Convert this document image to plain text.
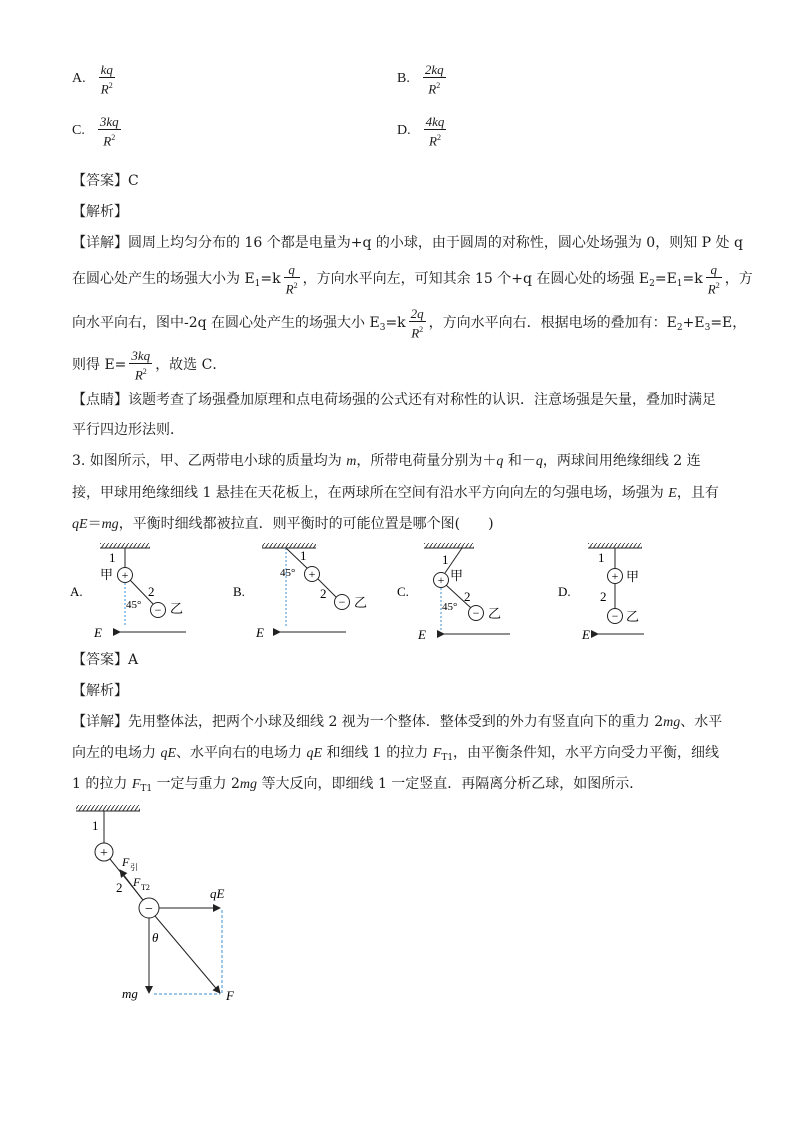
A. $\frac{kq}{R^2}$	B. $\frac{2kq}{R^2}$
C. $\frac{3kq}{R^2}$	D. $\frac{4kq}{R^2}$
【答案】C
【解析】
【详解】圆周上均匀分布的 16 个都是电量为+q 的小球，由于圆周的对称性，圆心处场强为 0，则知 P 处 q
在圆心处产生的场强大小为 $E_1=k \frac{q}{R^2}$ ，方向水平向左，可知其余 15 个+q 在圆心处的场强 $E_2=E_1=k \frac{q}{R^2}$ ，方
向水平向右，图中-2q 在圆心处产生的场强大小 $E_3=k \frac{2q}{R^2}$ ，方向水平向右．根据电场的叠加有：$E_2+E_3=E$，
则得 $E= \frac{3kq}{R^2}$ ，故选 C．
【点睛】该题考查了场强叠加原理和点电荷场强的公式还有对称性的认识．注意场强是矢量，叠加时满足
平行四边形法则．
3. 如图所示，甲、乙两带电小球的质量均为 m，所带电荷量分别为＋q 和－q，两球间用绝缘细线 2 连
接，甲球用绝缘细线 1 悬挂在天花板上，在两球所在空间有沿水平方向向左的匀强电场，场强为 E，且有
qE＝mg，平衡时细线都被拉直．则平衡时的可能位置是哪个图(　　)
A.
1
甲 +
2
45° − 乙
E
B.
1
45° +
2
− 乙
E
C.
1
+ 甲
2
45° − 乙
E
D.
1
+ 甲
2
− 乙
E
【答案】A
【解析】
【详解】先用整体法，把两个小球及细线 2 视为一个整体．整体受到的外力有竖直向下的重力 2mg、水平
向左的电场力 qE、水平向右的电场力 qE 和细线 1 的拉力 $F_{T1}$，由平衡条件知，水平方向受力平衡，细线
1 的拉力 $F_{T1}$ 一定与重力 2mg 等大反向，即细线 1 一定竖直．再隔离分析乙球，如图所示．
1
+
F 引
2 F T2
−
qE
mg
θ
F
